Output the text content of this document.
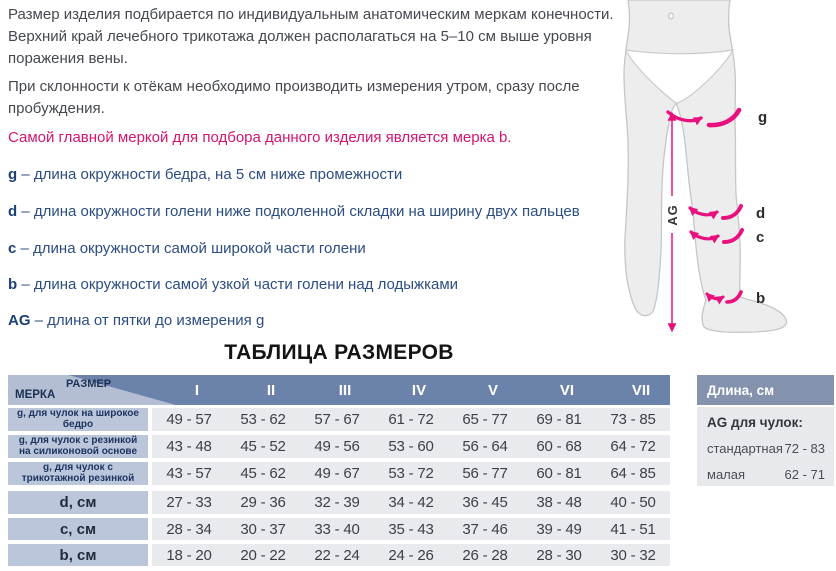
Размер изделия подбирается по индивидуальным анатомическим меркам конечности. Верхний край лечебного трикотажа должен располагаться на 5–10 см выше уровня поражения вены.
При склонности к отёкам необходимо производить измерения утром, сразу после пробуждения.
Самой главной меркой для подбора данного изделия является мерка b.
g – длина окружности бедра, на 5 см ниже промежности
d – длина окружности голени ниже подколенной складки на ширину двух пальцев
c – длина окружности самой широкой части голени
b – длина окружности самой узкой части голени над лодыжками
AG – длина от пятки до измерения g
AG
g
d
c
b
ТАБЛИЦА РАЗМЕРОВ
РАЗМЕР
МЕРКА	I	II	III	IV	V	VI	VII
g, для чулок на широкое бедро	49 - 57	53 - 62	57 - 67	61 - 72	65 - 77	69 - 81	73 - 85
g, для чулок с резинкой на силиконовой основе	43 - 48	45 - 52	49 - 56	53 - 60	56 - 64	60 - 68	64 - 72
g, для чулок с трикотажной резинкой	43 - 57	45 - 62	49 - 67	53 - 72	56 - 77	60 - 81	64 - 85
d, см	27 - 33	29 - 36	32 - 39	34 - 42	36 - 45	38 - 48	40 - 50
c, см	28 - 34	30 - 37	33 - 40	35 - 43	37 - 46	39 - 49	41 - 51
b, см	18 - 20	20 - 22	22 - 24	24 - 26	26 - 28	28 - 30	30 - 32
Длина, см
AG для чулок:
стандартная 72 - 83
малая	62 - 71
